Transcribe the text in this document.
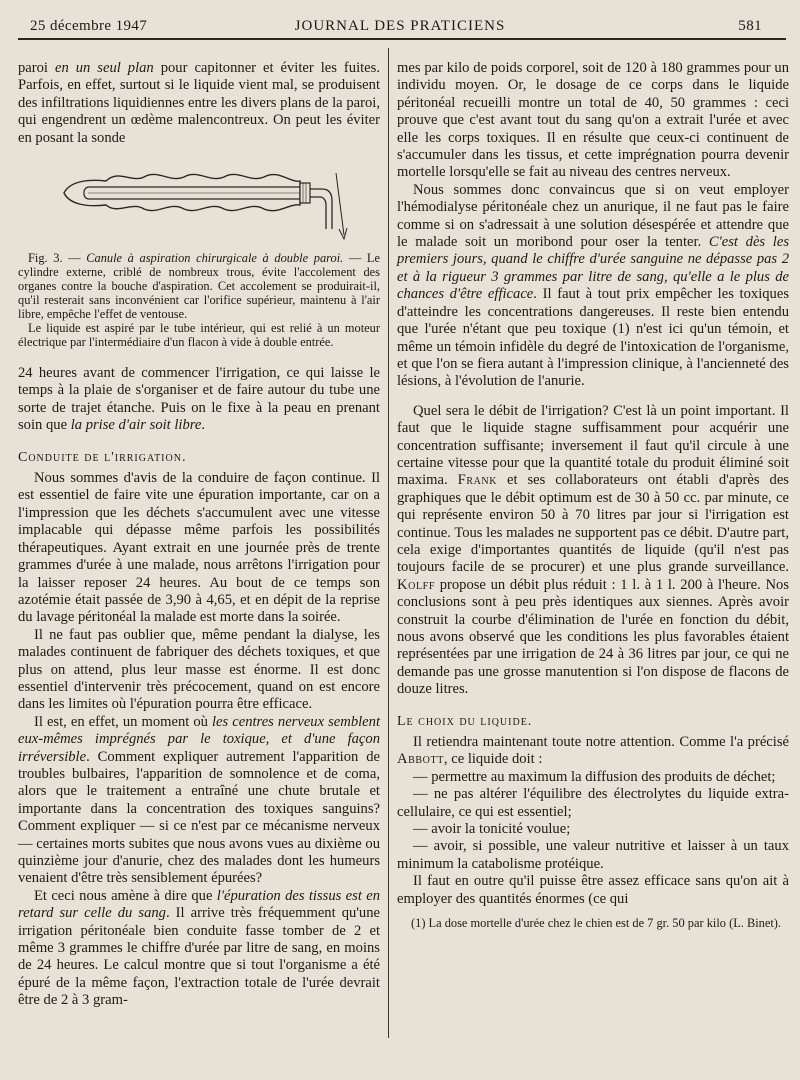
25 décembre 1947	JOURNAL DES PRATICIENS	581

paroi en un seul plan pour capitonner et éviter les fuites. Parfois, en effet, surtout si le liquide vient mal, se produisent des infiltrations liquidiennes entre les divers plans de la paroi, qui engendrent un œdème malencontreux. On peut les éviter en posant la sonde

Fig. 3. — Canule à aspiration chirurgicale à double paroi. — Le cylindre externe, criblé de nombreux trous, évite l'accolement des organes contre la bouche d'aspiration. Cet accolement se produirait-il, qu'il resterait sans inconvénient car l'orifice supérieur, maintenu à l'air libre, empêche l'effet de ventouse.

Le liquide est aspiré par le tube intérieur, qui est relié à un moteur électrique par l'intermédiaire d'un flacon à vide à double entrée.

24 heures avant de commencer l'irrigation, ce qui laisse le temps à la plaie de s'organiser et de faire autour du tube une sorte de trajet étanche. Puis on le fixe à la peau en prenant soin que la prise d'air soit libre.

Conduite de l'irrigation.

Nous sommes d'avis de la conduire de façon continue. Il est essentiel de faire vite une épuration importante, car on a l'impression que les déchets s'accumulent avec une vitesse implacable qui dépasse même parfois les possibilités thérapeutiques. Ayant extrait en une journée près de trente grammes d'urée à une malade, nous arrêtons l'irrigation pour la laisser reposer 24 heures. Au bout de ce temps son azotémie était passée de 3,90 à 4,65, et en dépit de la reprise du lavage péritonéal la malade est morte dans la soirée.

Il ne faut pas oublier que, même pendant la dialyse, les malades continuent de fabriquer des déchets toxiques, et que plus on attend, plus leur masse est énorme. Il est donc essentiel d'intervenir très précocement, quand on est encore dans les limites où l'épuration pourra être efficace.

Il est, en effet, un moment où les centres nerveux semblent eux-mêmes imprégnés par le toxique, et d'une façon irréversible. Comment expliquer autrement l'apparition de troubles bulbaires, l'apparition de somnolence et de coma, alors que le traitement a entraîné une chute brutale et importante dans la concentration des toxiques sanguins? Comment expliquer — si ce n'est par ce mécanisme nerveux — certaines morts subites que nous avons vues au dixième ou quinzième jour d'anurie, chez des malades dont les humeurs venaient d'être très sensiblement épurées?

Et ceci nous amène à dire que l'épuration des tissus est en retard sur celle du sang. Il arrive très fréquemment qu'une irrigation péritonéale bien conduite fasse tomber de 2 et même 3 grammes le chiffre d'urée par litre de sang, en moins de 24 heures. Le calcul montre que si tout l'organisme a été épuré de la même façon, l'extraction totale de l'urée devrait être de 2 à 3 gram-

mes par kilo de poids corporel, soit de 120 à 180 grammes pour un individu moyen. Or, le dosage de ce corps dans le liquide péritonéal recueilli montre un total de 40, 50 grammes : ceci prouve que c'est avant tout du sang qu'on a extrait l'urée et avec elle les corps toxiques. Il en résulte que ceux-ci continuent de s'accumuler dans les tissus, et cette imprégnation pourra devenir mortelle lorsqu'elle se fait au niveau des centres nerveux.

Nous sommes donc convaincus que si on veut employer l'hémodialyse péritonéale chez un anurique, il ne faut pas le faire comme si on s'adressait à une solution désespérée et attendre que le malade soit un moribond pour oser la tenter. C'est dès les premiers jours, quand le chiffre d'urée sanguine ne dépasse pas 2 et à la rigueur 3 grammes par litre de sang, qu'elle a le plus de chances d'être efficace. Il faut à tout prix empêcher les toxiques d'atteindre les concentrations dangereuses. Il reste bien entendu que l'urée n'étant que peu toxique (1) n'est ici qu'un témoin, et même un témoin infidèle du degré de l'intoxication de l'organisme, et que l'on se fiera autant à l'impression clinique, à l'ancienneté des lésions, à l'évolution de l'anurie.

Quel sera le débit de l'irrigation? C'est là un point important. Il faut que le liquide stagne suffisamment pour acquérir une concentration suffisante; inversement il faut qu'il circule à une certaine vitesse pour que la quantité totale du produit éliminé soit maxima. Frank et ses collaborateurs ont établi d'après des graphiques que le débit optimum est de 30 à 50 cc. par minute, ce qui représente environ 50 à 70 litres par jour si l'irrigation est continue. Tous les malades ne supportent pas ce débit. D'autre part, cela exige d'importantes quantités de liquide (qu'il n'est pas toujours facile de se procurer) et une plus grande surveillance. Kolff propose un débit plus réduit : 1 l. à 1 l. 200 à l'heure. Nos conclusions sont à peu près identiques aux siennes. Après avoir construit la courbe d'élimination de l'urée en fonction du débit, nous avons observé que les conditions les plus favorables étaient représentées par une irrigation de 24 à 36 litres par jour, ce qui ne demande pas une grosse manutention si l'on dispose de flacons de douze litres.

Le choix du liquide.

Il retiendra maintenant toute notre attention. Comme l'a précisé Abbott, ce liquide doit :

— permettre au maximum la diffusion des produits de déchet;

— ne pas altérer l'équilibre des électrolytes du liquide extra-cellulaire, ce qui est essentiel;

— avoir la tonicité voulue;

— avoir, si possible, une valeur nutritive et laisser à un taux minimum la catabolisme protéique.

Il faut en outre qu'il puisse être assez efficace sans qu'on ait à employer des quantités énormes (ce qui

(1) La dose mortelle d'urée chez le chien est de 7 gr. 50 par kilo (L. Binet).
